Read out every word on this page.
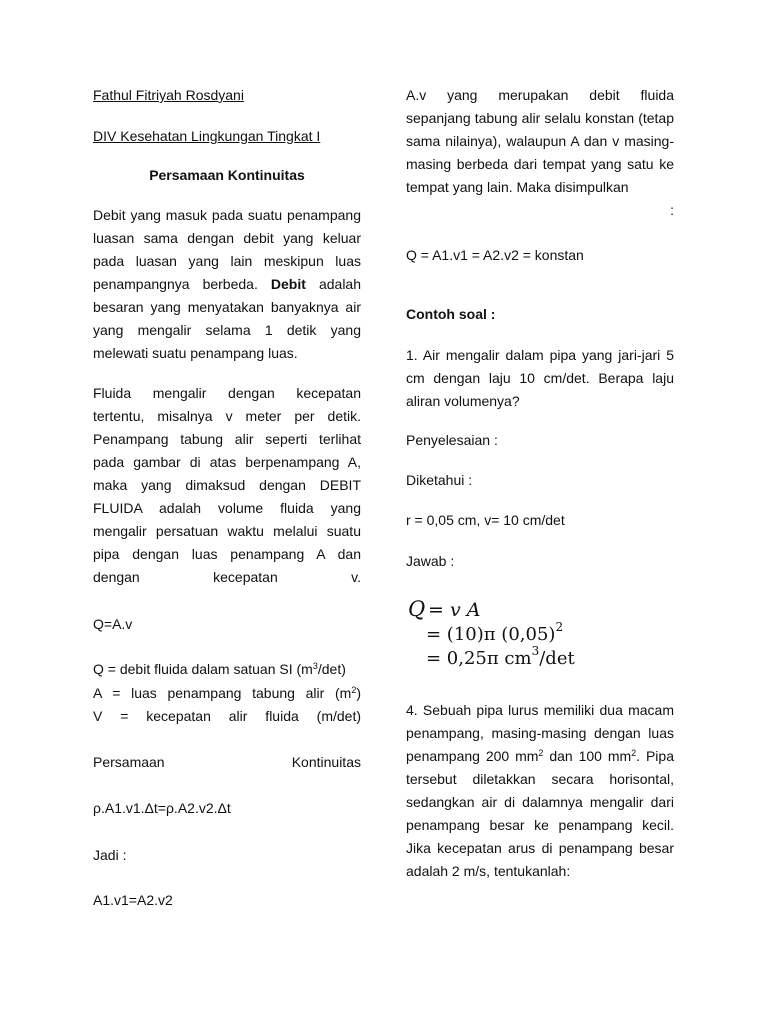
Fathul Fitriyah Rosdyani

DIV Kesehatan Lingkungan Tingkat I

Persamaan Kontinuitas

Debit yang masuk pada suatu penampang luasan sama dengan debit yang keluar pada luasan yang lain meskipun luas penampangnya berbeda. Debit adalah besaran yang menyatakan banyaknya air yang mengalir selama 1 detik yang melewati suatu penampang luas.

Fluida mengalir dengan kecepatan tertentu, misalnya v meter per detik. Penampang tabung alir seperti terlihat pada gambar di atas berpenampang A, maka yang dimaksud dengan DEBIT FLUIDA adalah volume fluida yang mengalir persatuan waktu melalui suatu pipa dengan luas penampang A dan dengan kecepatan v.

Q=A.v

Q = debit fluida dalam satuan SI $(m^3/\det)$

A = luas penampang tabung alir $(m^2)$

V = kecepatan alir fluida (m/det)

Persamaan	Kontinuitas

ρ.A1.v1.Δt=ρ.A2.v2.Δt

Jadi :

A1.v1=A2.v2

A.v yang merupakan debit fluida sepanjang tabung alir selalu konstan (tetap sama nilainya), walaupun A dan v masing-masing berbeda dari tempat yang satu ke tempat yang lain. Maka disimpulkan

:

Q = A1.v1 = A2.v2 = konstan

Contoh soal :

1. Air mengalir dalam pipa yang jari-jari 5 cm dengan laju 10 cm/det. Berapa laju aliran volumenya?

Penyelesaian :

Diketahui :

r = 0,05 cm, v= 10 cm/det

Jawab :

Q = v A
= (10)π $(0,05)^2$
= 0,25π $cm^3/\det$

4. Sebuah pipa lurus memiliki dua macam penampang, masing-masing dengan luas penampang 200 $mm^2$ dan 100 $mm^2$. Pipa tersebut diletakkan secara horisontal, sedangkan air di dalamnya mengalir dari penampang besar ke penampang kecil. Jika kecepatan arus di penampang besar adalah 2 m/s, tentukanlah:
